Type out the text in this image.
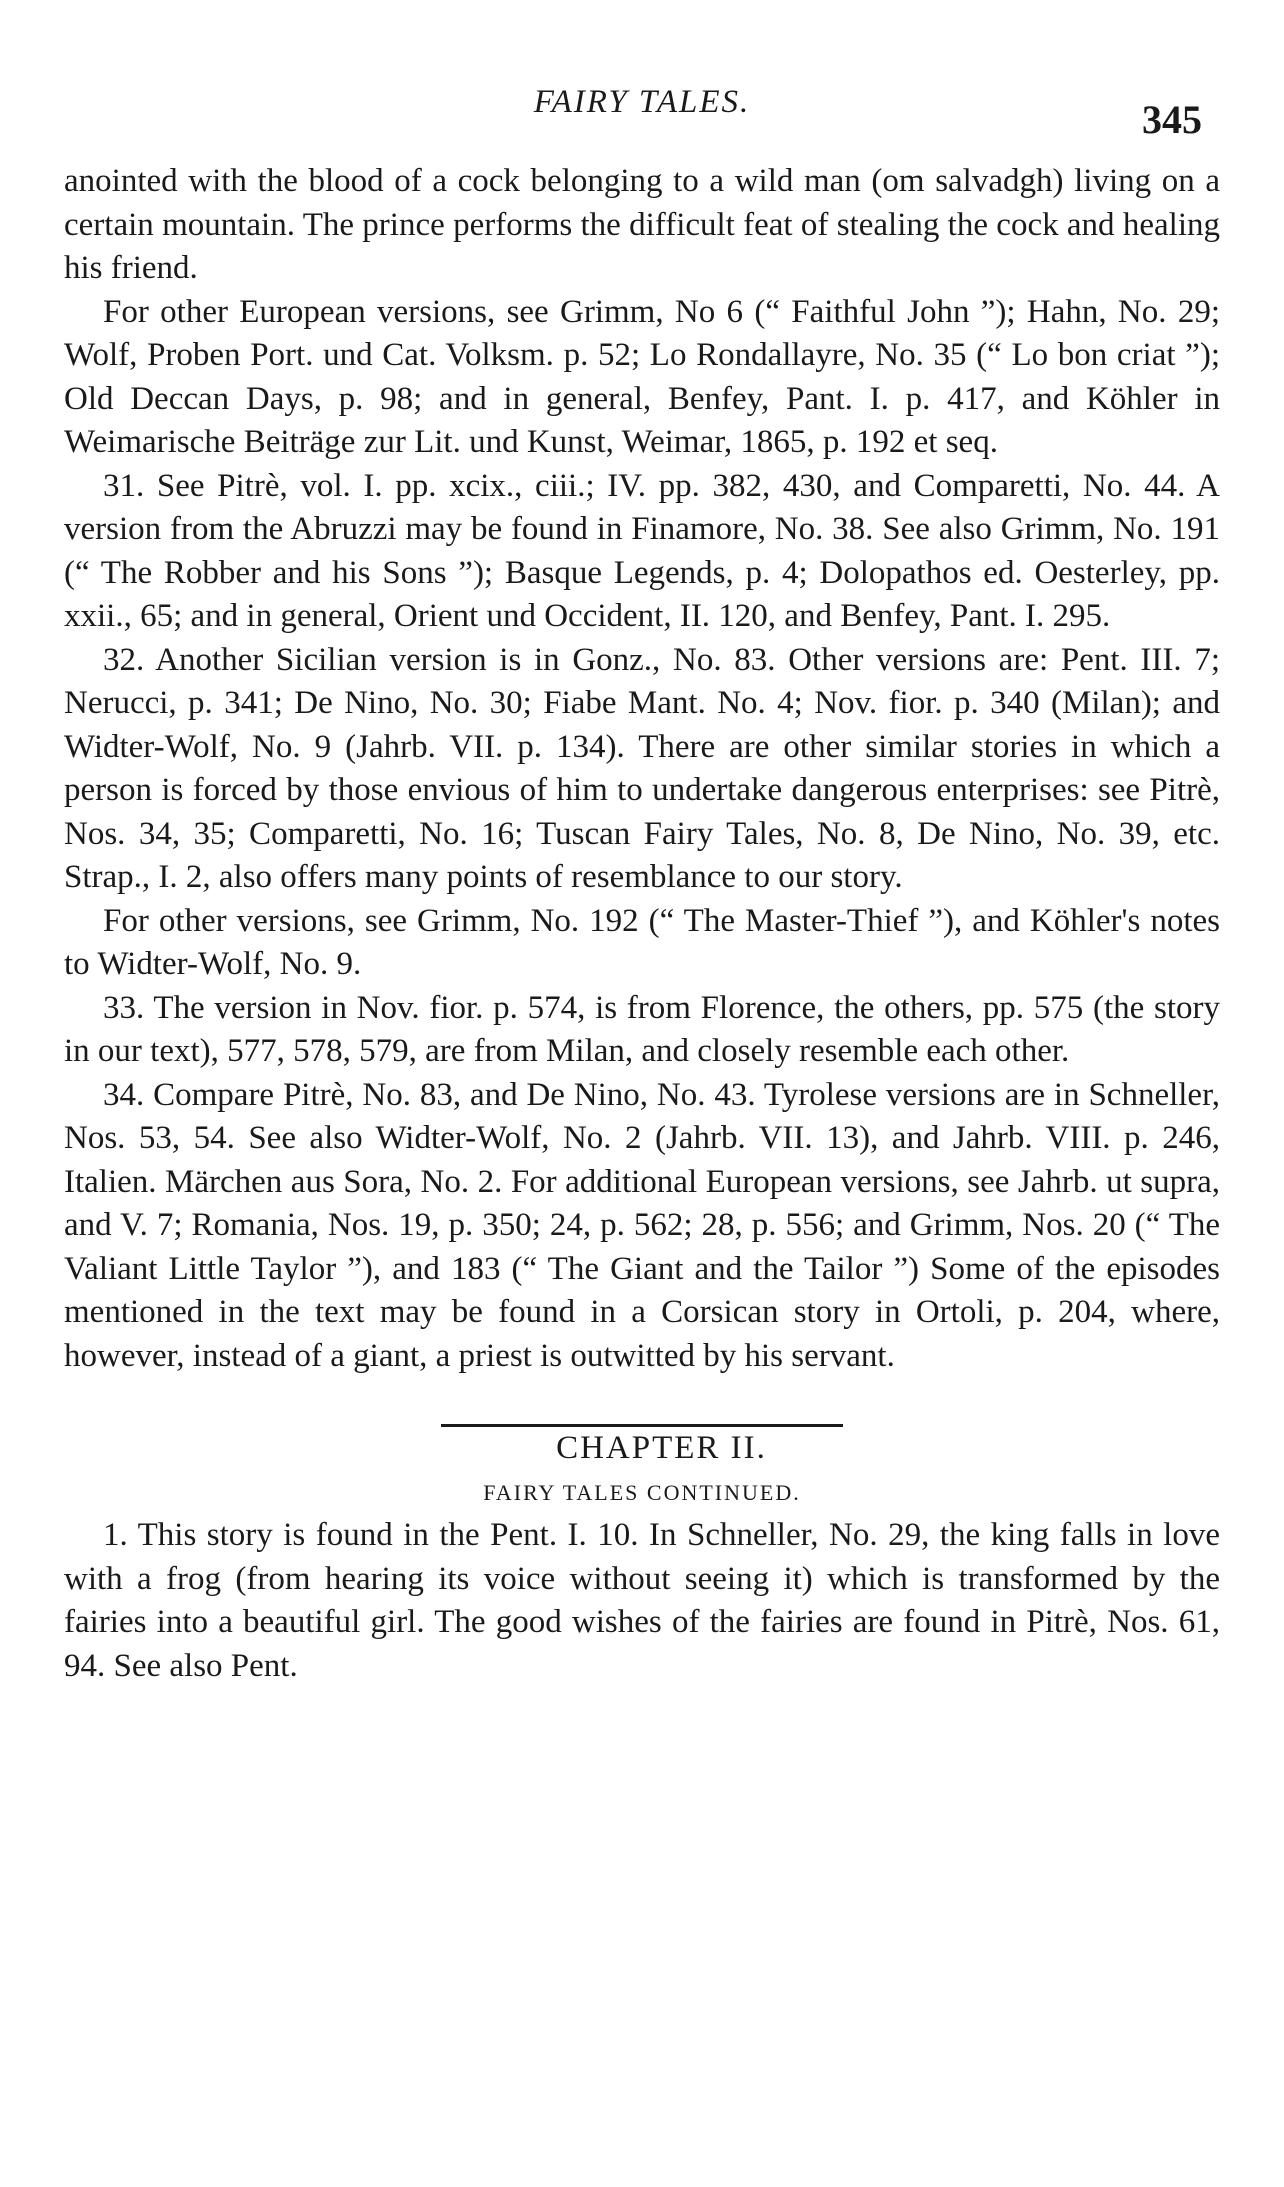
FAIRY TALES.	345

anointed with the blood of a cock belonging to a wild man (om salvadgh) living on a certain mountain. The prince performs the difficult feat of stealing the cock and healing his friend.

For other European versions, see Grimm, No 6 (“ Faithful John ”); Hahn, No. 29; Wolf, Proben Port. und Cat. Volksm. p. 52; Lo Rondallayre, No. 35 (“ Lo bon criat ”); Old Deccan Days, p. 98; and in general, Benfey, Pant. I. p. 417, and Köhler in Weimarische Beiträge zur Lit. und Kunst, Weimar, 1865, p. 192 et seq.

31. See Pitrè, vol. I. pp. xcix., ciii.; IV. pp. 382, 430, and Comparetti, No. 44. A version from the Abruzzi may be found in Finamore, No. 38. See also Grimm, No. 191 (“ The Robber and his Sons ”); Basque Legends, p. 4; Dolopathos ed. Oesterley, pp. xxii., 65; and in general, Orient und Occident, II. 120, and Benfey, Pant. I. 295.

32. Another Sicilian version is in Gonz., No. 83. Other versions are: Pent. III. 7; Nerucci, p. 341; De Nino, No. 30; Fiabe Mant. No. 4; Nov. fior. p. 340 (Milan); and Widter-Wolf, No. 9 (Jahrb. VII. p. 134). There are other similar stories in which a person is forced by those envious of him to undertake dangerous enterprises: see Pitrè, Nos. 34, 35; Comparetti, No. 16; Tuscan Fairy Tales, No. 8, De Nino, No. 39, etc. Strap., I. 2, also offers many points of resemblance to our story.

For other versions, see Grimm, No. 192 (“ The Master-Thief ”), and Köhler's notes to Widter-Wolf, No. 9.

33. The version in Nov. fior. p. 574, is from Florence, the others, pp. 575 (the story in our text), 577, 578, 579, are from Milan, and closely resemble each other.

34. Compare Pitrè, No. 83, and De Nino, No. 43. Tyrolese versions are in Schneller, Nos. 53, 54. See also Widter-Wolf, No. 2 (Jahrb. VII. 13), and Jahrb. VIII. p. 246, Italien. Märchen aus Sora, No. 2. For additional European versions, see Jahrb. ut supra, and V. 7; Romania, Nos. 19, p. 350; 24, p. 562; 28, p. 556; and Grimm, Nos. 20 (“ The Valiant Little Taylor ”), and 183 (“ The Giant and the Tailor ”) Some of the episodes mentioned in the text may be found in a Corsican story in Ortoli, p. 204, where, however, instead of a giant, a priest is outwitted by his servant.

CHAPTER II.

FAIRY TALES CONTINUED.

1. This story is found in the Pent. I. 10. In Schneller, No. 29, the king falls in love with a frog (from hearing its voice without seeing it) which is transformed by the fairies into a beautiful girl. The good wishes of the fairies are found in Pitrè, Nos. 61, 94. See also Pent.
